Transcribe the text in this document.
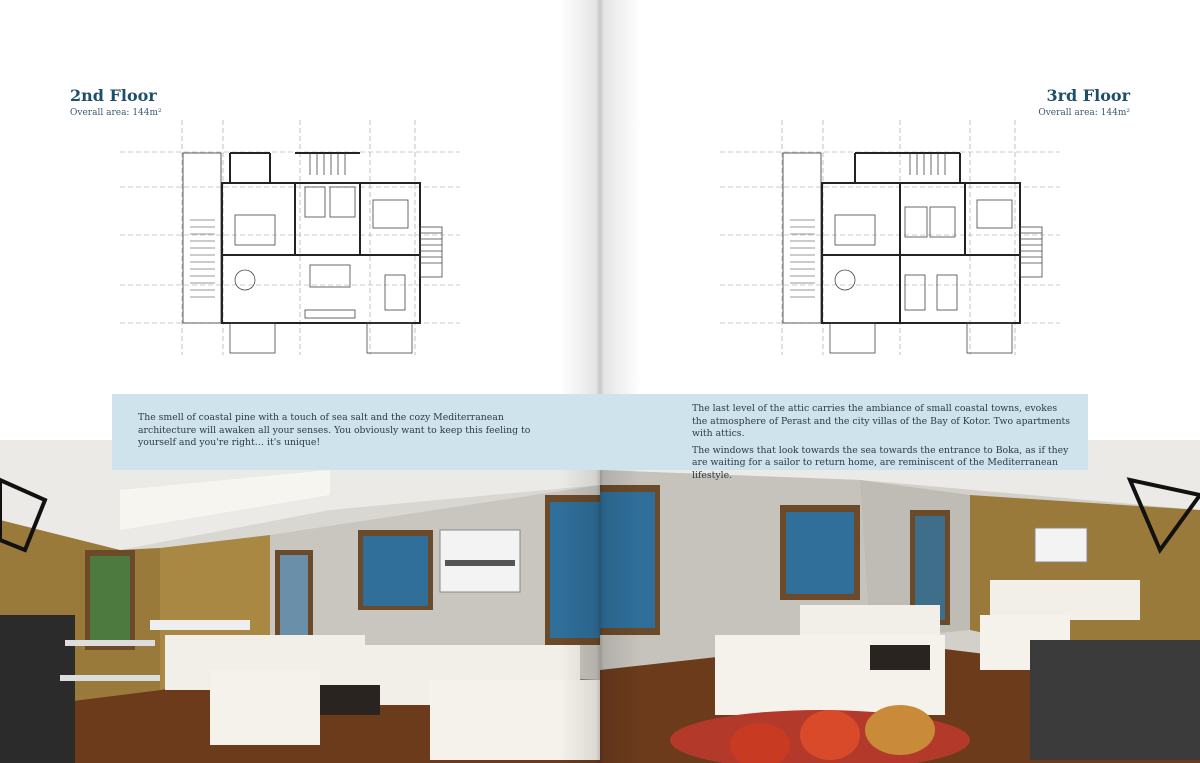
2nd Floor
Overall area: 144m²

The smell of coastal pine with a touch of sea salt and the cozy Mediterranean architecture will awaken all your senses. You obviously want to keep this feeling to yourself and you're right… it's unique!

3rd Floor
Overall area: 144m²

The last level of the attic carries the ambiance of small coastal towns, evokes the atmosphere of Perast and the city villas of the Bay of Kotor. Two apartments with attics.

The windows that look towards the sea towards the entrance to Boka, as if they are waiting for a sailor to return home, are reminiscent of the Mediterranean lifestyle.
